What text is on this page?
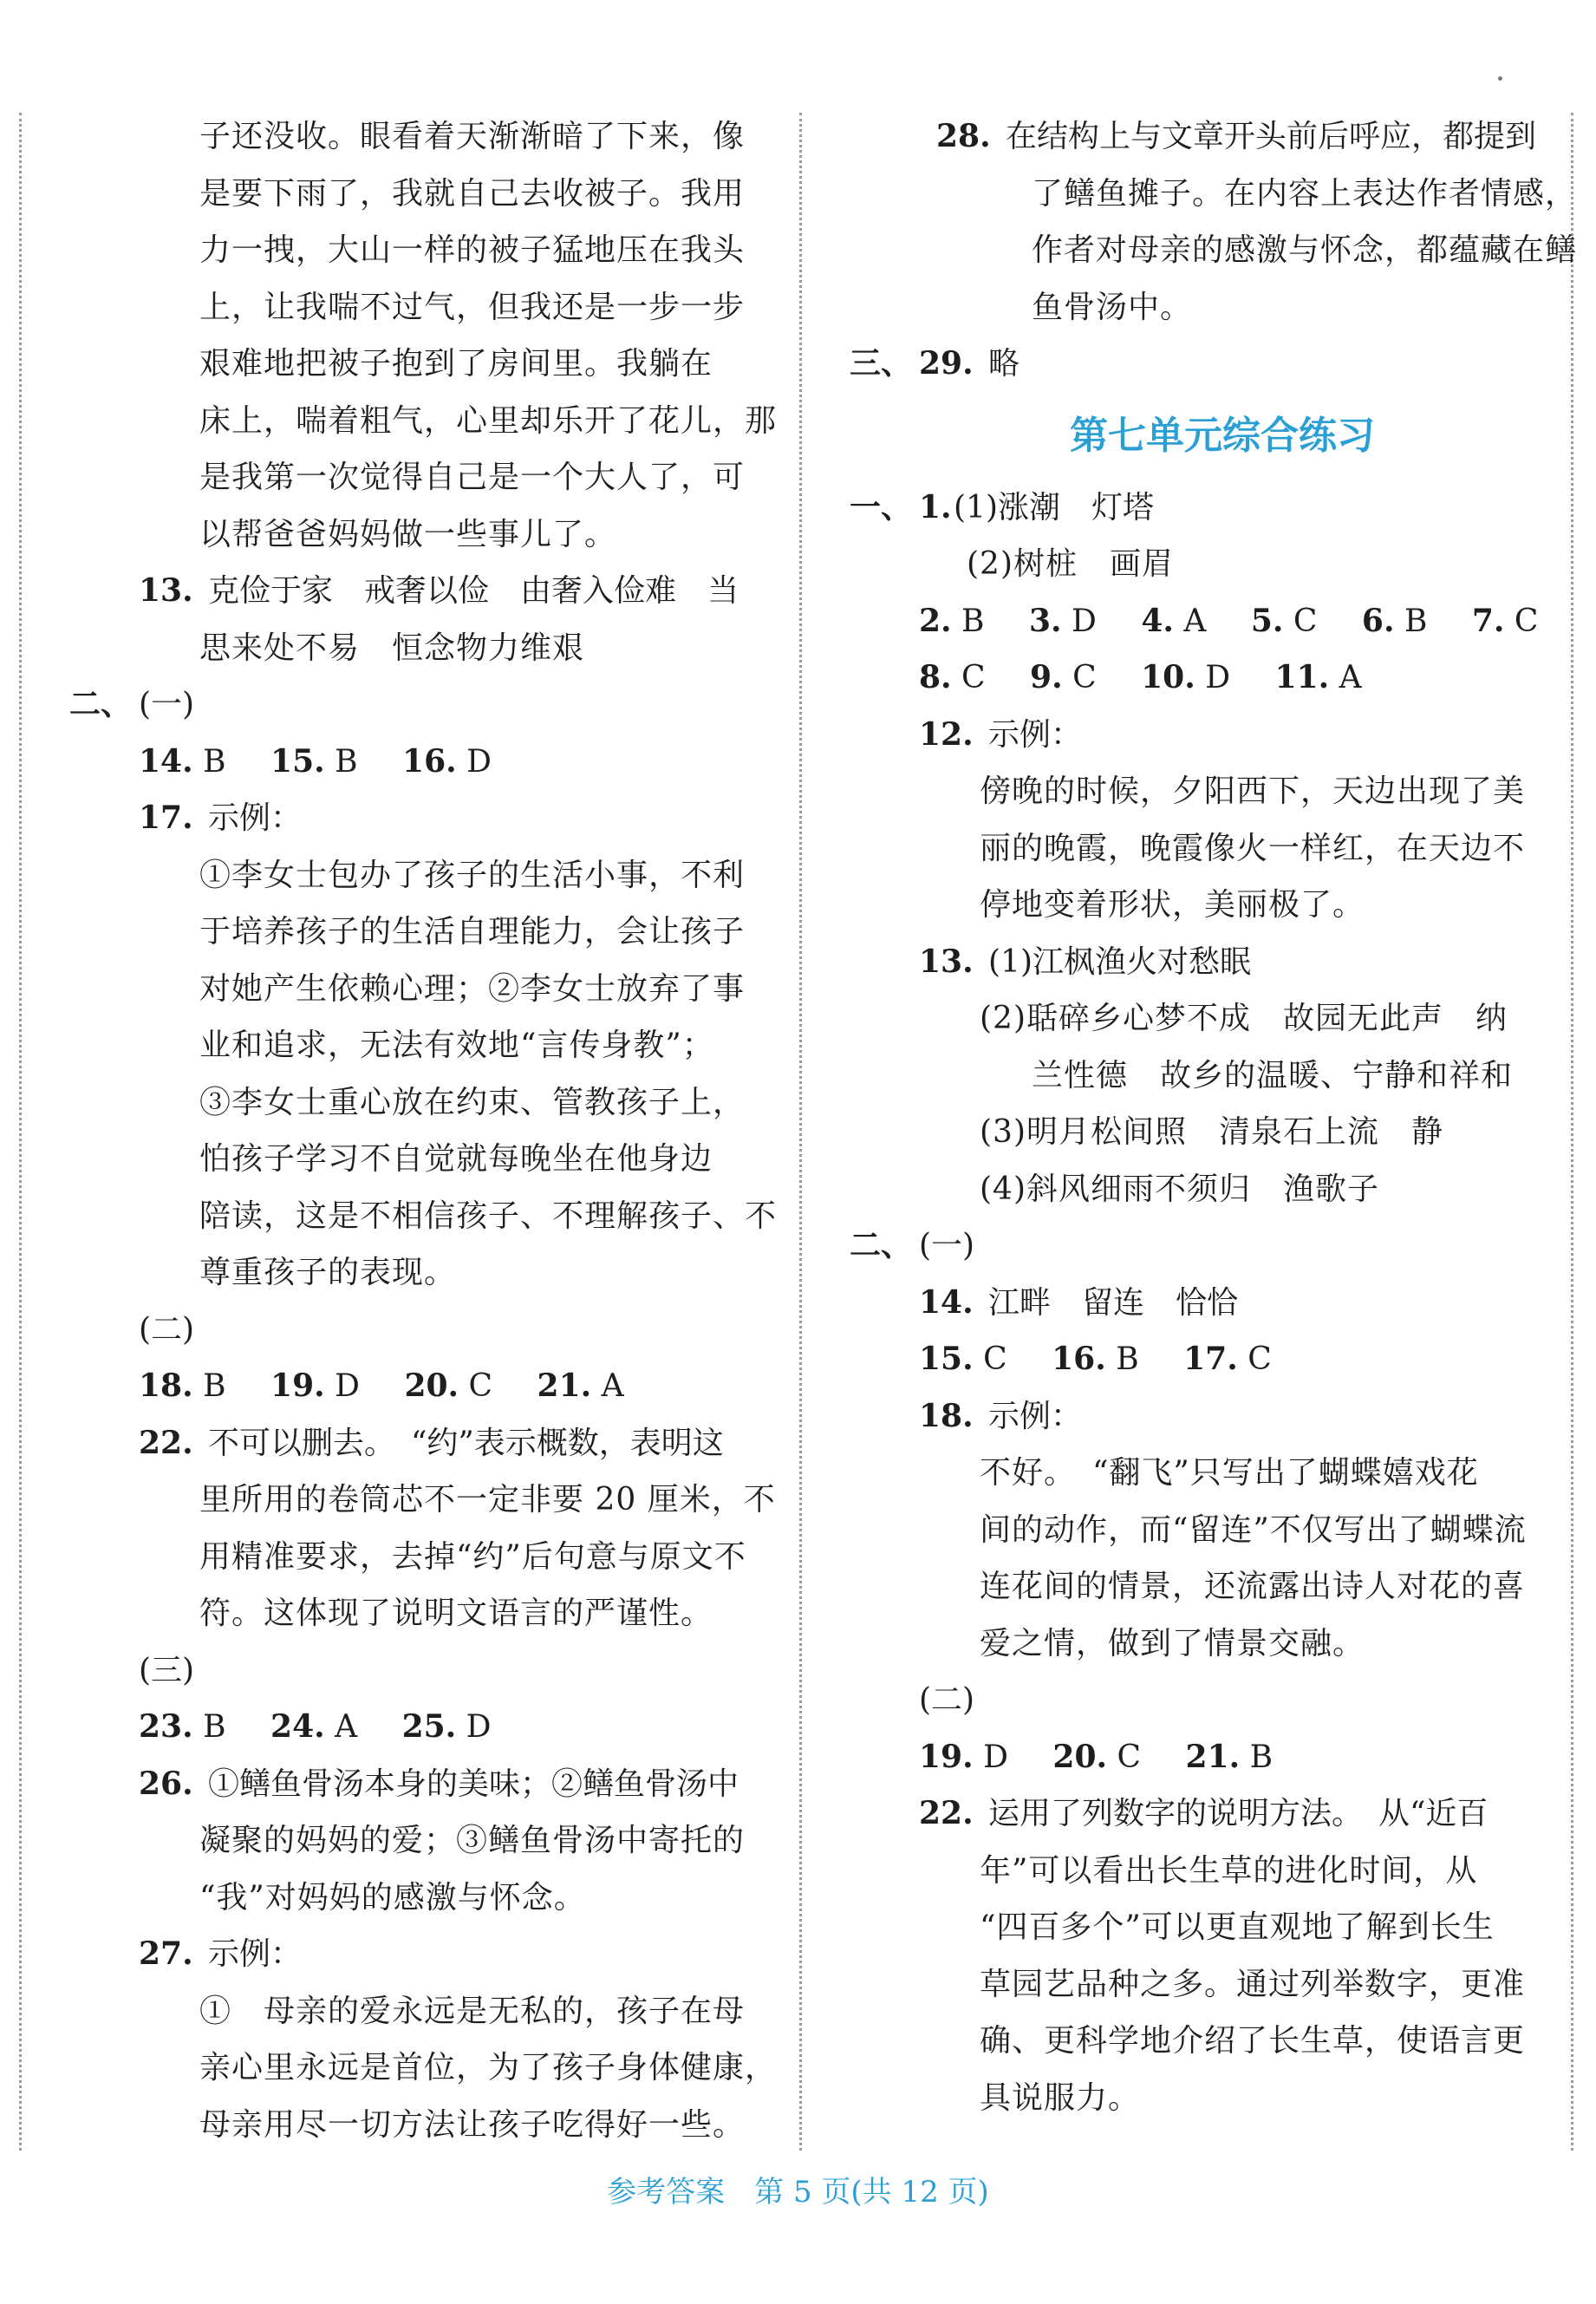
子还没收。眼看着天渐渐暗了下来，像
是要下雨了，我就自己去收被子。我用
力一拽，大山一样的被子猛地压在我头
上，让我喘不过气，但我还是一步一步
艰难地把被子抱到了房间里。我躺在
床上，喘着粗气，心里却乐开了花儿，那
是我第一次觉得自己是一个大人了，可
以帮爸爸妈妈做一些事儿了。
13. 克俭于家　戒奢以俭　由奢入俭难　当
思来处不易　恒念物力维艰
二、 (一)
14. B 15. B 16. D
17. 示例：
①李女士包办了孩子的生活小事，不利
于培养孩子的生活自理能力，会让孩子
对她产生依赖心理；②李女士放弃了事
业和追求，无法有效地“言传身教”；
③李女士重心放在约束、管教孩子上，
怕孩子学习不自觉就每晚坐在他身边
陪读，这是不相信孩子、不理解孩子、不
尊重孩子的表现。
(二)
18. B 19. D 20. C 21. A
22. 不可以删去。　“约”表示概数，表明这
里所用的卷筒芯不一定非要 20 厘米，不
用精准要求，去掉“约”后句意与原文不
符。这体现了说明文语言的严谨性。
(三)
23. B 24. A 25. D
26. ①鳝鱼骨汤本身的美味；②鳝鱼骨汤中
凝聚的妈妈的爱；③鳝鱼骨汤中寄托的
“我”对妈妈的感激与怀念。
27. 示例：
①　母亲的爱永远是无私的，孩子在母
亲心里永远是首位，为了孩子身体健康，
母亲用尽一切方法让孩子吃得好一些。
28. 在结构上与文章开头前后呼应，都提到
了鳝鱼摊子。在内容上表达作者情感，
作者对母亲的感激与怀念，都蕴藏在鳝
鱼骨汤中。
三、 29. 略
第七单元综合练习
一、 1.(1)涨潮　灯塔
(2)树桩　画眉
2. B 3. D 4. A 5. C 6. B 7. C
8. C 9. C 10. D 11. A
12. 示例：
傍晚的时候，夕阳西下，天边出现了美
丽的晚霞，晚霞像火一样红，在天边不
停地变着形状，美丽极了。
13. (1)江枫渔火对愁眠
(2)聒碎乡心梦不成　故园无此声　纳
兰性德　故乡的温暖、宁静和祥和
(3)明月松间照　清泉石上流　静
(4)斜风细雨不须归　渔歌子
二、 (一)
14. 江畔　留连　恰恰
15. C 16. B 17. C
18. 示例：
不好。　“翻飞”只写出了蝴蝶嬉戏花
间的动作，而“留连”不仅写出了蝴蝶流
连花间的情景，还流露出诗人对花的喜
爱之情，做到了情景交融。
(二)
19. D 20. C 21. B
22. 运用了列数字的说明方法。　从“近百
年”可以看出长生草的进化时间，从
“四百多个”可以更直观地了解到长生
草园艺品种之多。通过列举数字，更准
确、更科学地介绍了长生草，使语言更
具说服力。
参考答案　第 5 页(共 12 页)
